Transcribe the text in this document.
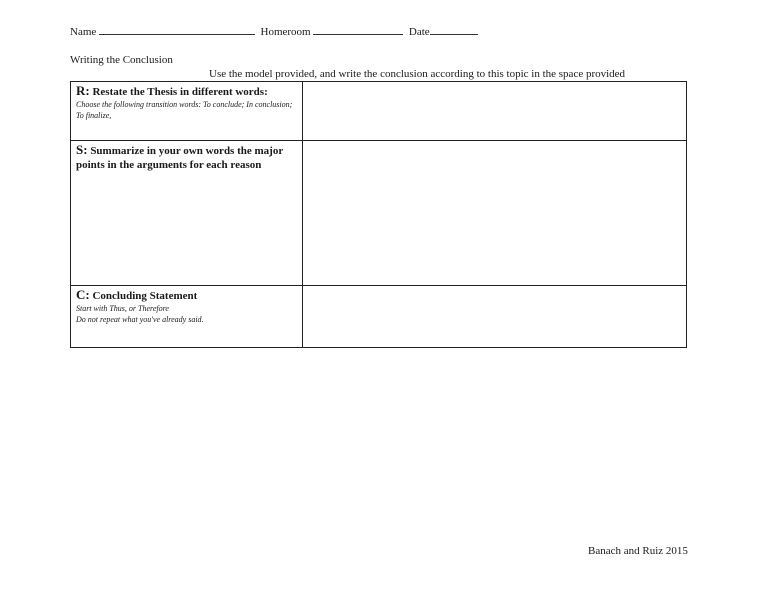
Name	Homeroom	Date
Writing the Conclusion
Use the model provided, and write the conclusion according to this topic in the space provided
R: Restate the Thesis in different words:
Choose the following transition words: To conclude; In conclusion; To finalize,	

S: Summarize in your own words the major points in the arguments for each reason	

C: Concluding Statement
Start with Thus, or Therefore
Do not repeat what you've already said.	

Banach and Ruiz 2015
